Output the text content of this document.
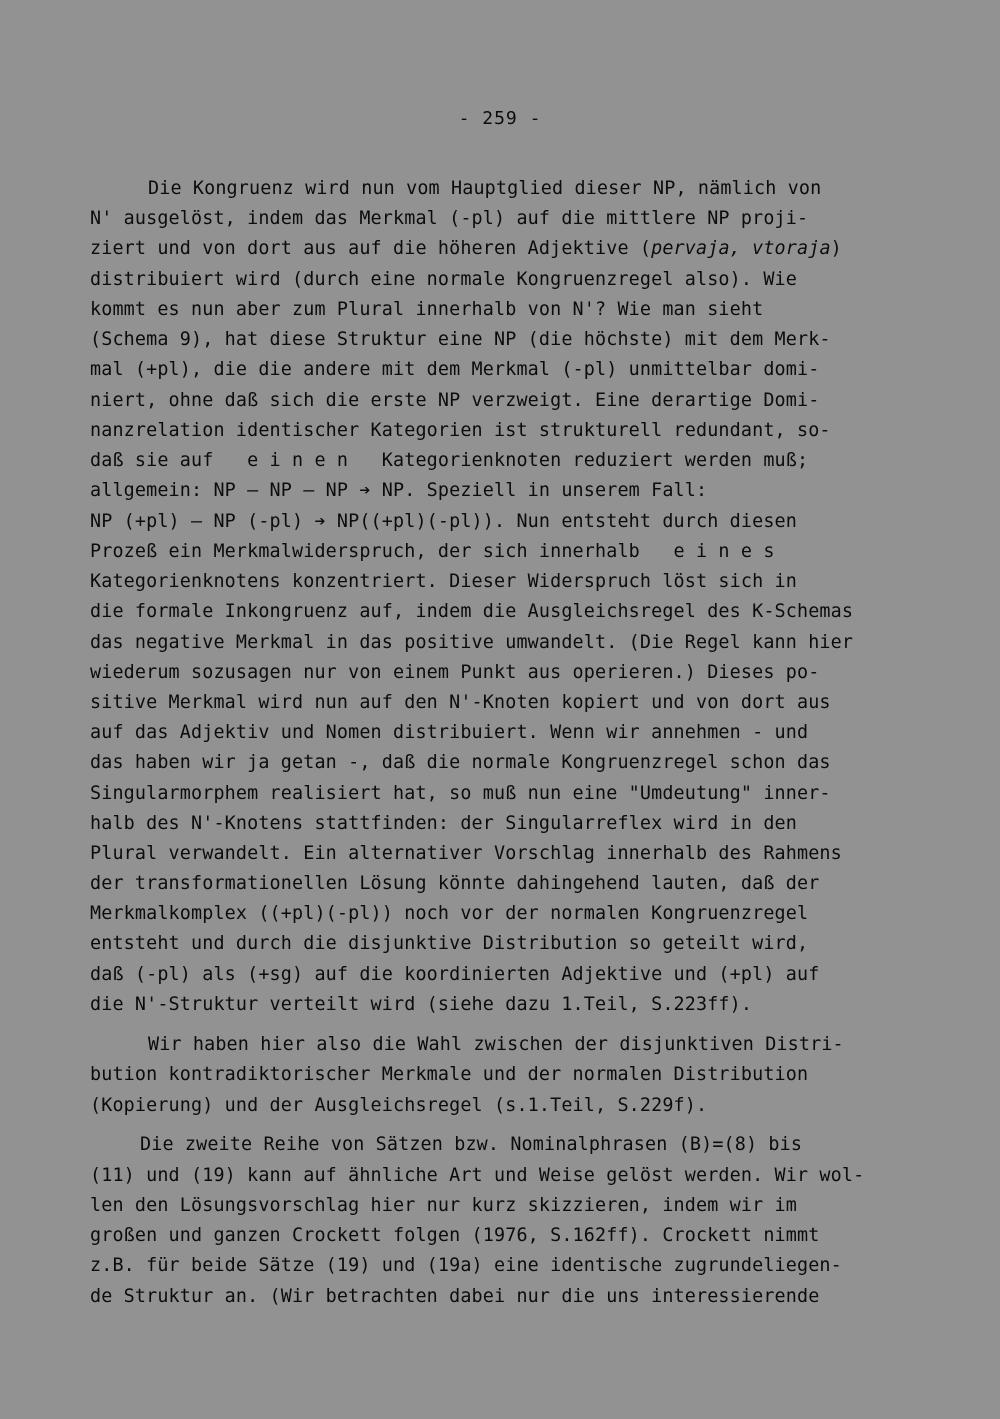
- 259 -

Die Kongruenz wird nun vom Hauptglied dieser NP, nämlich von

N' ausgelöst, indem das Merkmal (-pl) auf die mittlere NP proji-

ziert und von dort aus auf die höheren Adjektive (pervaja, vtoraja)

distribuiert wird (durch eine normale Kongruenzregel also). Wie

kommt es nun aber zum Plural innerhalb von N'? Wie man sieht

(Schema 9), hat diese Struktur eine NP (die höchste) mit dem Merk-

mal (+pl), die die andere mit dem Merkmal (-pl) unmittelbar domi-

niert, ohne daß sich die erste NP verzweigt. Eine derartige Domi-

nanzrelation identischer Kategorien ist strukturell redundant, so-

daß sie auf   e i n e n   Kategorienknoten reduziert werden muß;

allgemein: NP — NP — NP ➔ NP. Speziell in unserem Fall:

NP (+pl) — NP (-pl) ➔ NP((+pl)(-pl)). Nun entsteht durch diesen

Prozeß ein Merkmalwiderspruch, der sich innerhalb   e i n e s

Kategorienknotens konzentriert. Dieser Widerspruch löst sich in

die formale Inkongruenz auf, indem die Ausgleichsregel des K-Schemas

das negative Merkmal in das positive umwandelt. (Die Regel kann hier

wiederum sozusagen nur von einem Punkt aus operieren.) Dieses po-

sitive Merkmal wird nun auf den N'-Knoten kopiert und von dort aus

auf das Adjektiv und Nomen distribuiert. Wenn wir annehmen - und

das haben wir ja getan -, daß die normale Kongruenzregel schon das

Singularmorphem realisiert hat, so muß nun eine "Umdeutung" inner-

halb des N'-Knotens stattfinden: der Singularreflex wird in den

Plural verwandelt. Ein alternativer Vorschlag innerhalb des Rahmens

der transformationellen Lösung könnte dahingehend lauten, daß der

Merkmalkomplex ((+pl)(-pl)) noch vor der normalen Kongruenzregel

entsteht und durch die disjunktive Distribution so geteilt wird,

daß (-pl) als (+sg) auf die koordinierten Adjektive und (+pl) auf

die N'-Struktur verteilt wird (siehe dazu 1.Teil, S.223ff).

Wir haben hier also die Wahl zwischen der disjunktiven Distri-

bution kontradiktorischer Merkmale und der normalen Distribution

(Kopierung) und der Ausgleichsregel (s.1.Teil, S.229f).

Die zweite Reihe von Sätzen bzw. Nominalphrasen (B)=(8) bis

(11) und (19) kann auf ähnliche Art und Weise gelöst werden. Wir wol-

len den Lösungsvorschlag hier nur kurz skizzieren, indem wir im

großen und ganzen Crockett folgen (1976, S.162ff). Crockett nimmt

z.B. für beide Sätze (19) und (19a) eine identische zugrundeliegen-

de Struktur an. (Wir betrachten dabei nur die uns interessierende
